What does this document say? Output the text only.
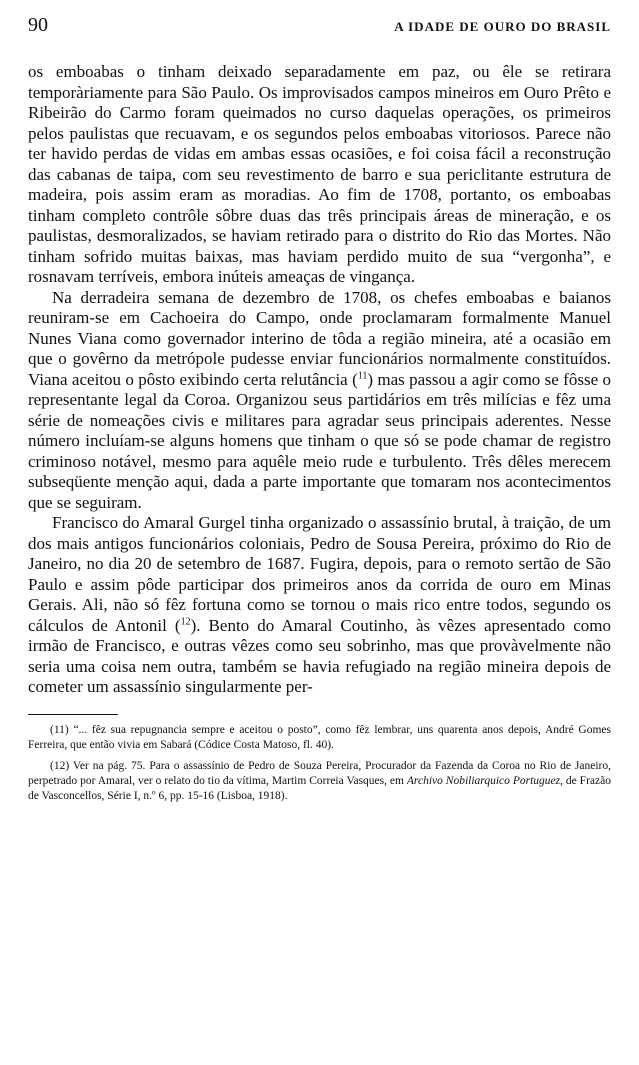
90	A IDADE DE OURO DO BRASIL

os emboabas o tinham deixado separadamente em paz, ou êle se retirara temporàriamente para São Paulo. Os improvisados campos mineiros em Ouro Prêto e Ribeirão do Carmo foram queimados no curso daquelas operações, os primeiros pelos paulistas que recuavam, e os segundos pelos emboabas vitoriosos. Parece não ter havido perdas de vidas em ambas essas ocasiões, e foi coisa fácil a reconstrução das cabanas de taipa, com seu revestimento de barro e sua periclitante estrutura de madeira, pois assim eram as moradias. Ao fim de 1708, portanto, os emboabas tinham completo contrôle sôbre duas das três principais áreas de mineração, e os paulistas, desmoralizados, se haviam retirado para o distrito do Rio das Mortes. Não tinham sofrido muitas baixas, mas haviam perdido muito de sua “vergonha”, e rosnavam terríveis, embora inúteis ameaças de vingança.

Na derradeira semana de dezembro de 1708, os chefes emboabas e baianos reuniram-se em Cachoeira do Campo, onde proclamaram formalmente Manuel Nunes Viana como governador interino de tôda a região mineira, até a ocasião em que o govêrno da metrópole pudesse enviar funcionários normalmente constituídos. Viana aceitou o pôsto exibindo certa relutância ($^{11}$) mas passou a agir como se fôsse o representante legal da Coroa. Organizou seus partidários em três milícias e fêz uma série de nomeações civis e militares para agradar seus principais aderentes. Nesse número incluíam-se alguns homens que tinham o que só se pode chamar de registro criminoso notável, mesmo para aquêle meio rude e turbulento. Três dêles merecem subseqüente menção aqui, dada a parte importante que tomaram nos acontecimentos que se seguiram.

Francisco do Amaral Gurgel tinha organizado o assassínio brutal, à traição, de um dos mais antigos funcionários coloniais, Pedro de Sousa Pereira, próximo do Rio de Janeiro, no dia 20 de setembro de 1687. Fugira, depois, para o remoto sertão de São Paulo e assim pôde participar dos primeiros anos da corrida de ouro em Minas Gerais. Ali, não só fêz fortuna como se tornou o mais rico entre todos, segundo os cálculos de Antonil ($^{12}$). Bento do Amaral Coutinho, às vêzes apresentado como irmão de Francisco, e outras vêzes como seu sobrinho, mas que provàvelmente não seria uma coisa nem outra, também se havia refugiado na região mineira depois de cometer um assassínio singularmente per-

(11) “... fêz sua repugnancia sempre e aceitou o posto”, como fêz lembrar, uns quarenta anos depois, André Gomes Ferreira, que então vivia em Sabará (Códice Costa Matoso, fl. 40).

(12) Ver na pág. 75. Para o assassínio de Pedro de Souza Pereira, Procurador da Fazenda da Coroa no Rio de Janeiro, perpetrado por Amaral, ver o relato do tio da vítima, Martim Correia Vasques, em Archivo Nobiliarquico Portuguez, de Frazão de Vasconcellos, Série I, n.º 6, pp. 15-16 (Lisboa, 1918).
